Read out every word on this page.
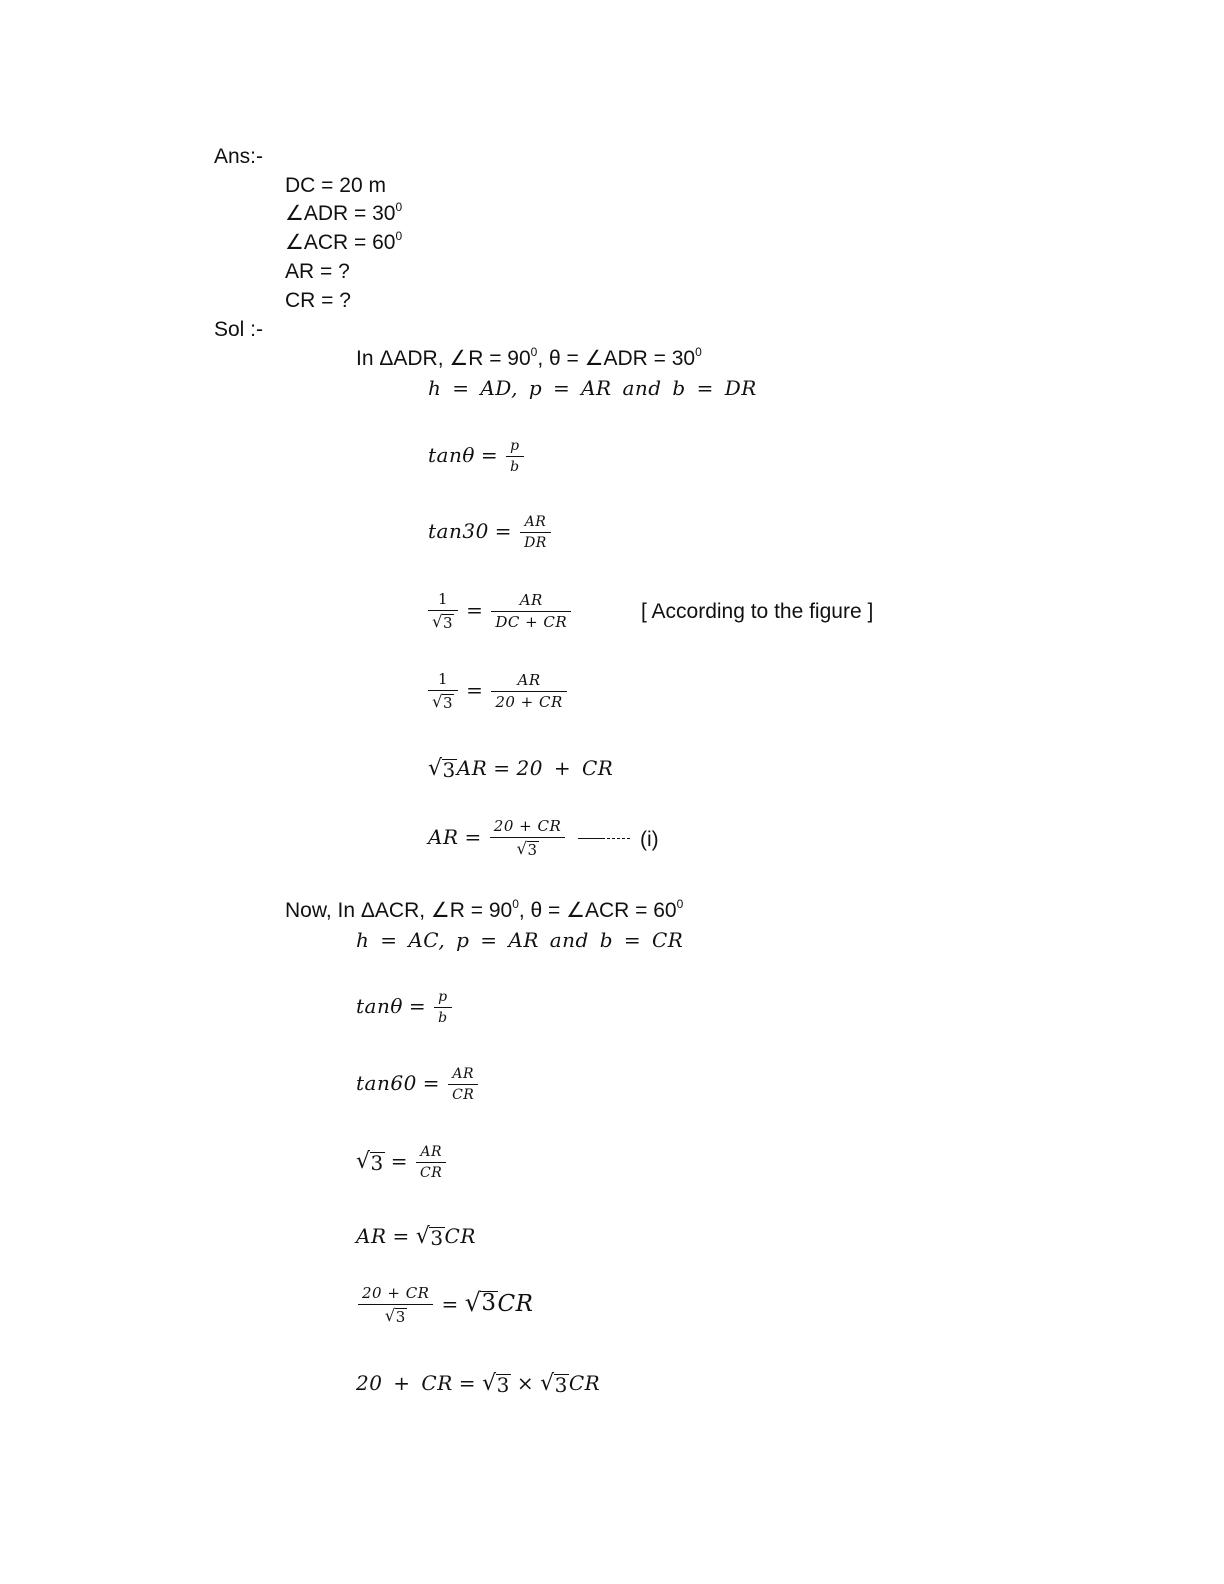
Ans:-
DC = 20 m
∠ADR = $30^0$
∠ACR = $60^0$
AR = ?
CR = ?
Sol :-
In ΔADR, ∠R = $90^0$, θ = ∠ADR = $30^0$
h = AD, p = AR and b = DR
$\tan\theta = \frac{p}{b}$
$\tan 30 = \frac{AR}{DR}$
$\frac{1}{√ 3} = \frac{AR}{DC + CR}$	[ According to the figure ]
$\frac{1}{√ 3} = \frac{AR}{20 + CR}$
√ 3 AR = 20 + CR
AR = $\frac{20 + CR}{√ 3}$
	(i)
Now, In ΔACR, ∠R = $90^0$, θ = ∠ACR = $60^0$
h = AC, p = AR and b = CR
$\tan\theta = \frac{p}{b}$
$\tan 60 = \frac{AR}{CR}$
√ $3 = \frac{AR}{CR}$
AR = √ 3 CR
$\frac{20 + CR}{√ 3}$ = √ 3 CR
20 + CR = √ 3 × √ 3 CR
